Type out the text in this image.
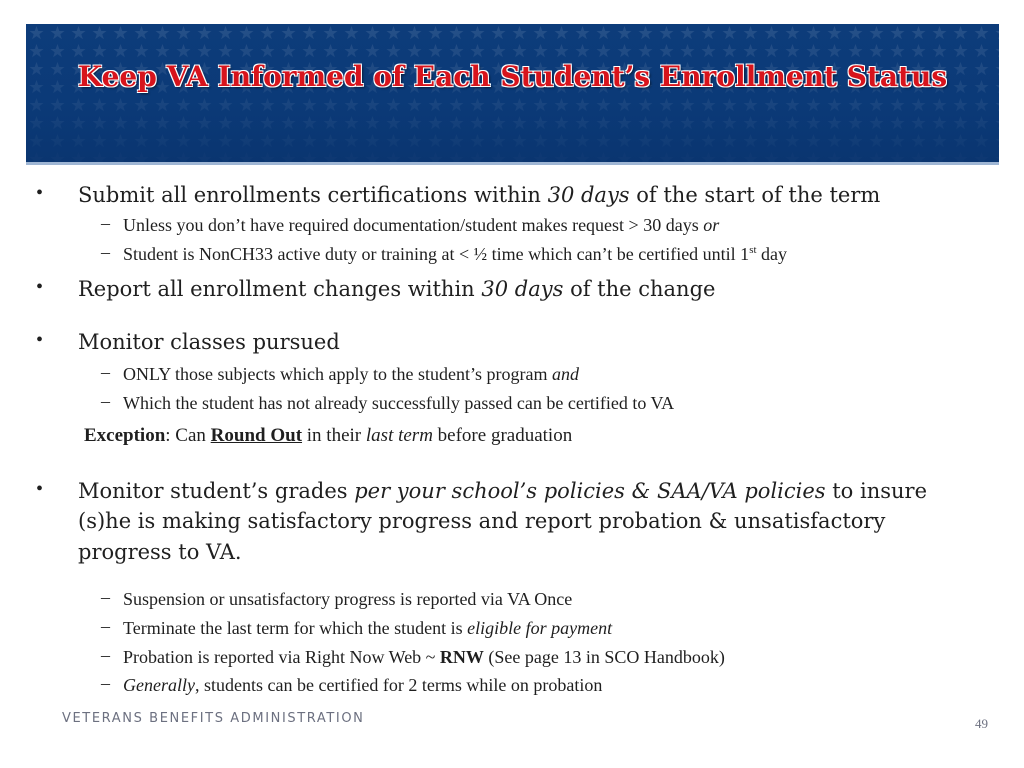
Keep VA Informed of Each Student’s Enrollment Status
• Submit all enrollments certifications within 30 days of the start of the term
– Unless you don’t have required documentation/student makes request > 30 days or
– Student is NonCH33 active duty or training at < ½ time which can’t be certified until 1st day
• Report all enrollment changes within 30 days of the change
• Monitor classes pursued
– ONLY those subjects which apply to the student’s program and
– Which the student has not already successfully passed can be certified to VA
Exception: Can Round Out in their last term before graduation
• Monitor student’s grades per your school’s policies & SAA/VA policies to insure
(s)he is making satisfactory progress and report probation & unsatisfactory
progress to VA.
– Suspension or unsatisfactory progress is reported via VA Once
– Terminate the last term for which the student is eligible for payment
– Probation is reported via Right Now Web ~ RNW (See page 13 in SCO Handbook)
– Generally, students can be certified for 2 terms while on probation
VETERANS BENEFITS ADMINISTRATION	49
